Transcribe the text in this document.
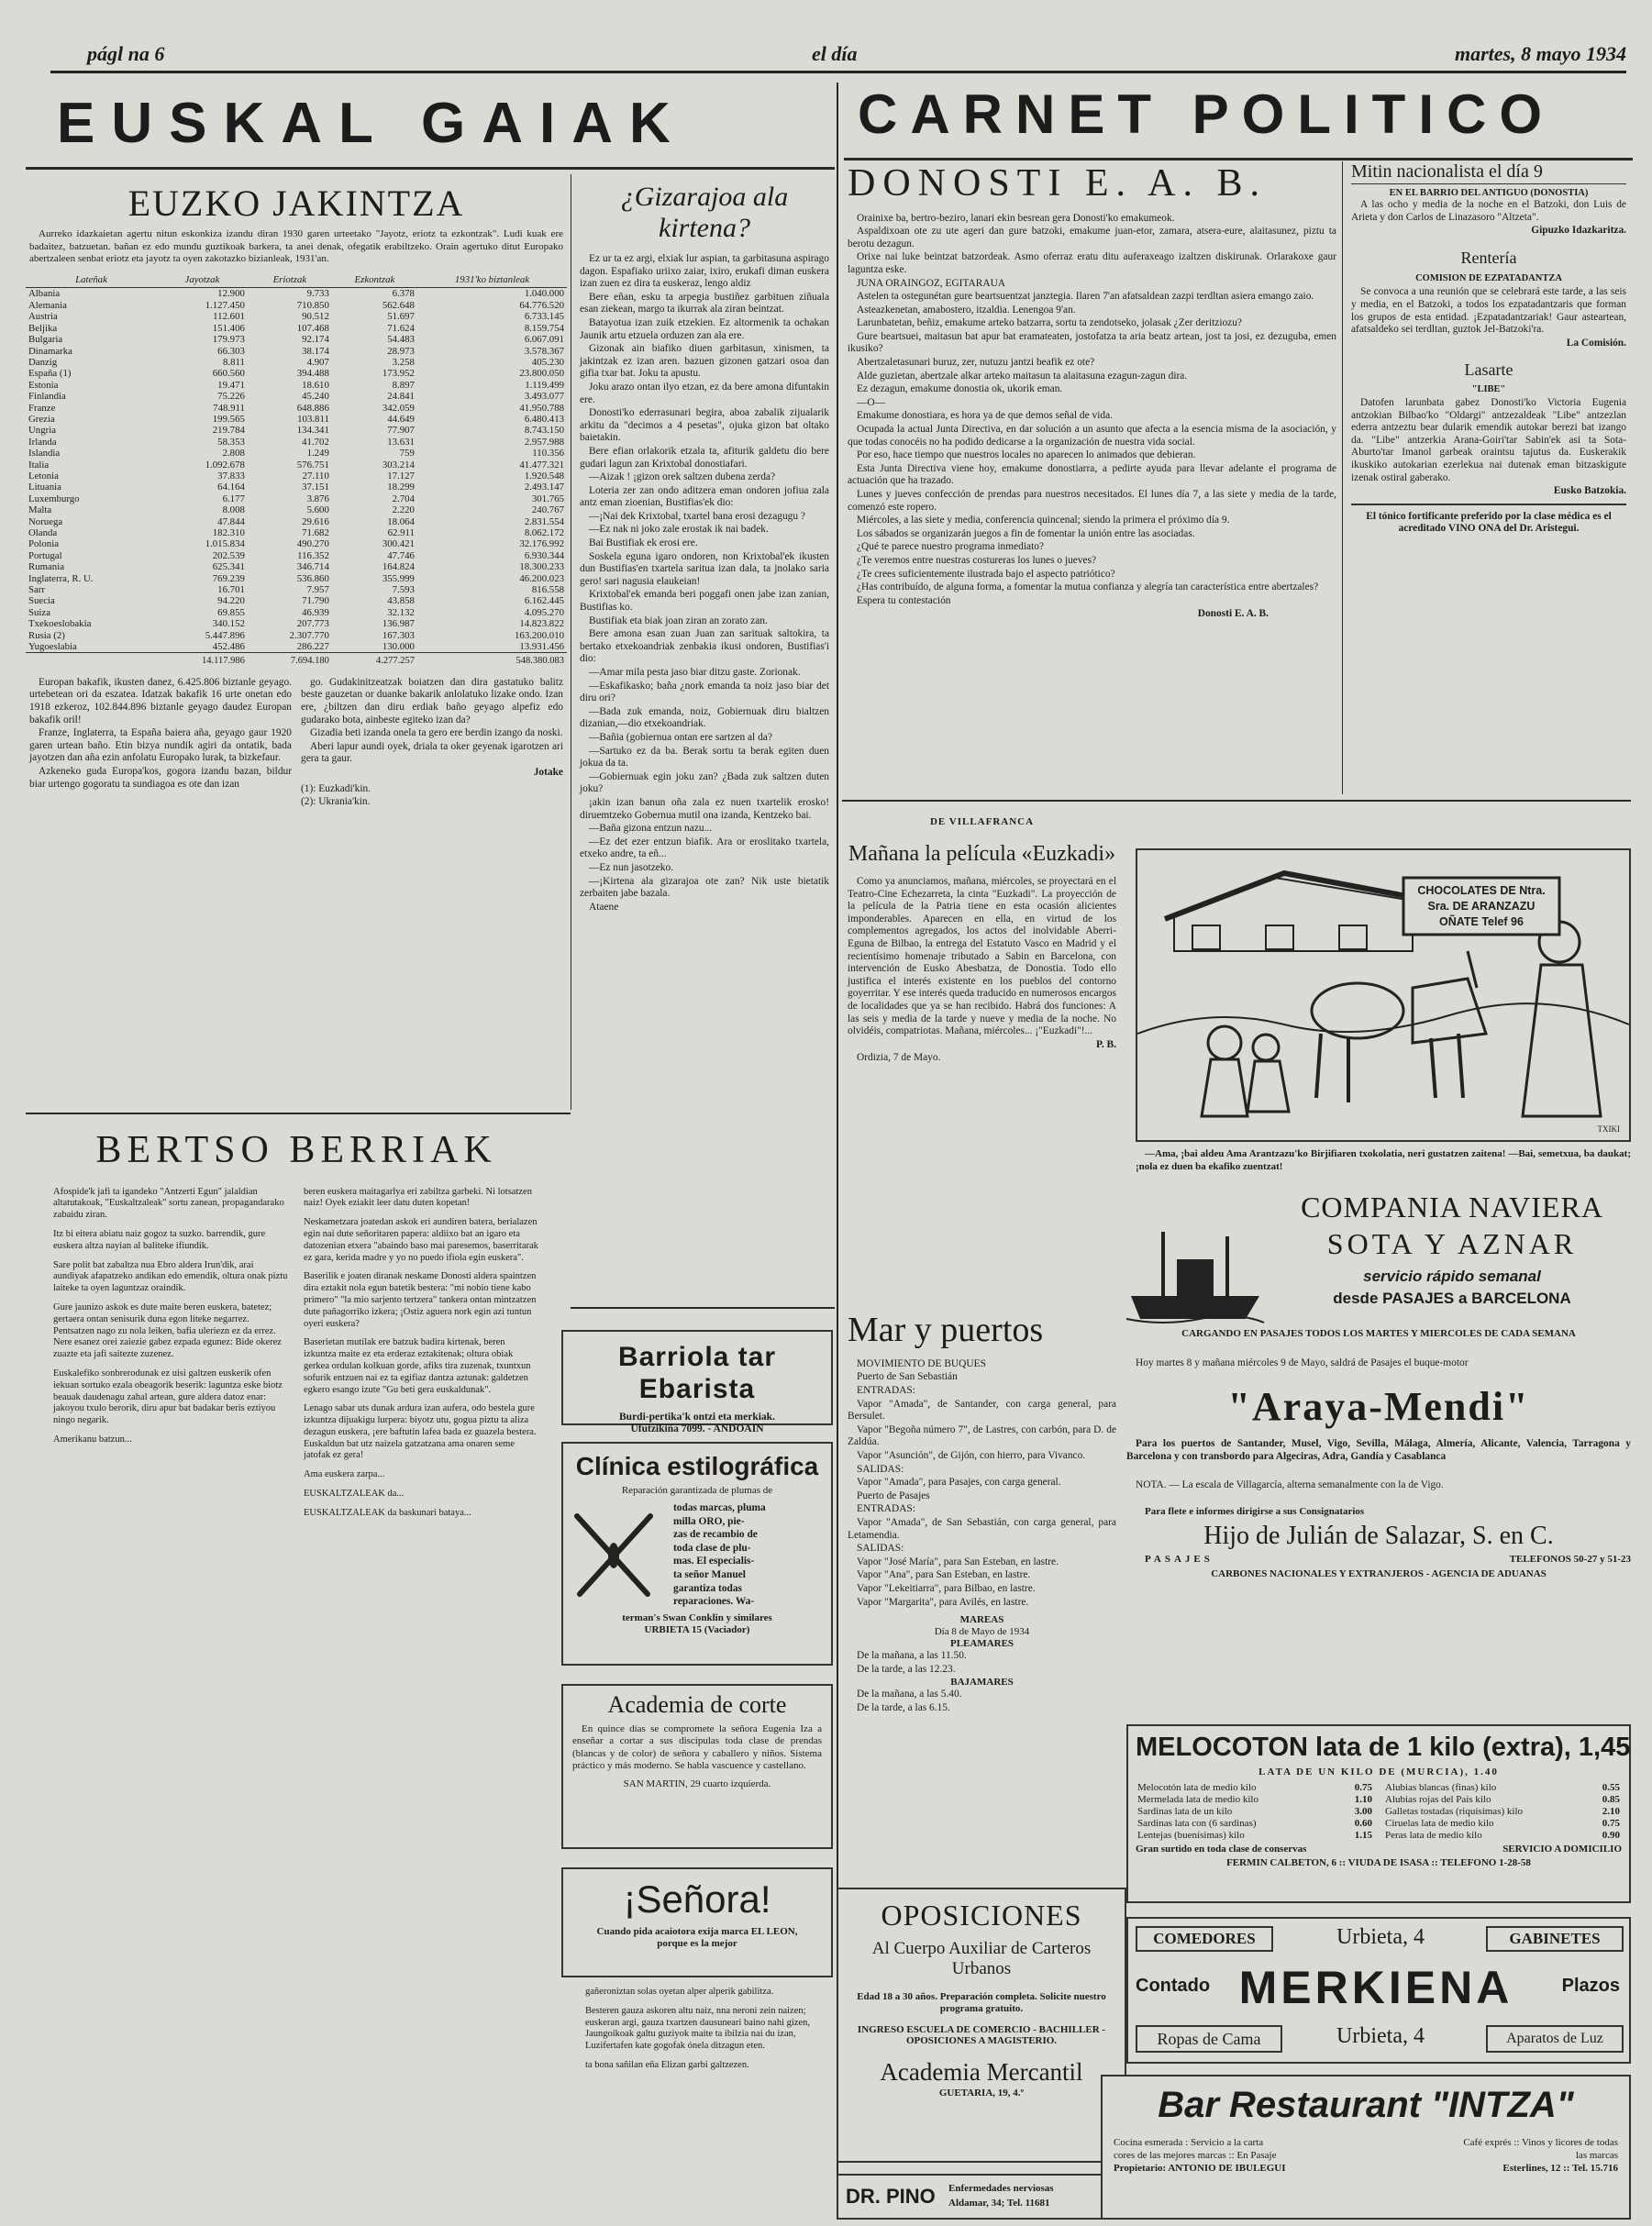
págl na 6	el día	martes, 8 mayo 1934
EUSKAL GAIAK	CARNET POLITICO
EUZKO JAKINTZA
Aurreko idazkaietan agertu nitun eskonkiza izandu diran 1930 garen urteetako "Jayotz, eriotz ta ezkontzak". Ludi kuak ere badaitez, batzuetan. bañan ez edo mundu guztikoak barkera, ta anei denak, ofegatik erabiltzeko. Orain agertuko ditut Europako abertzaleen senbat eriotz eta jayotz ta oyen zakotazko bizianleak, 1931'an.
Lateñak	Jayotzak	Eriotzak	Ezkontzak	1931'ko biztanleak
Albania	12.900	9.733	6.378	1.040.000
Alemania	1.127.450	710.850	562.648	64.776.520
Austria	112.601	90.512	51.697	6.733.145
Beljika	151.406	107.468	71.624	8.159.754
Bulgaria	179.973	92.174	54.483	6.067.091
Dinamarka	66.303	38.174	28.973	3.578.367
Danzig	8.811	4.907	3.258	405.230
España (1)	660.560	394.488	173.952	23.800.050
Estonia	19.471	18.610	8.897	1.119.499
Finlandia	75.226	45.240	24.841	3.493.077
Franze	748.911	648.886	342.059	41.950.788
Grezia	199.565	103.811	44.649	6.480.413
Ungria	219.784	134.341	77.907	8.743.150
Irlanda	58.353	41.702	13.631	2.957.988
Islandia	2.808	1.249	759	110.356
Italia	1.092.678	576.751	303.214	41.477.321
Letonia	37.833	27.110	17.127	1.920.548
Lituania	64.164	37.151	18.299	2.493.147
Luxemburgo	6.177	3.876	2.704	301.765
Malta	8.008	5.600	2.220	240.767
Noruega	47.844	29.616	18.064	2.831.554
Olanda	182.310	71.682	62.911	8.062.172
Polonia	1.015.834	490.270	300.421	32.176.992
Portugal	202.539	116.352	47.746	6.930.344
Rumania	625.341	346.714	164.824	18.300.233
Inglaterra, R. U.	769.239	536.860	355.999	46.200.023
Sarr	16.701	7.957	7.593	816.558
Suecia	94.220	71.790	43.858	6.162.445
Suiza	69.855	46.939	32.132	4.095.270
Txekoeslobakia	340.152	207.773	136.987	14.823.822
Rusia (2)	5.447.896	2.307.770	167.303	163.200.010
Yugoeslabia	452.486	286.227	130.000	13.931.456
	14.117.986	7.694.180	4.277.257	548.380.083
Europan bakafik, ikusten danez, 6.425.806 biztanle geyago. urtebetean ori da eszatea. Idatzak bakafik 16 urte onetan edo 1918 ezkeroz, 102.844.896 biztanle geyago daudez Europan bakafik oril!
Franze, Inglaterra, ta España baiera aña, geyago gaur 1920 garen urtean baño. Etin bizya nundik agiri da ontatik, bada jayotzen dan aña ezin anfolatu Europako lurak, ta bizkefaur.
Azkeneko guda Europa'kos, gogora izandu bazan, bildur biar urtengo gogoratu ta sundiagoa es ote dan izan
go. Gudakinitzeatzak boiatzen dan dira gastatuko balitz beste gauzetan or duanke bakarik anlolatuko lizake ondo. Izan ere, ¿biltzen dan diru erdiak baño geyago alpefiz edo gudarako bota, ainbeste egiteko izan da?
Gizadia beti izanda onela ta gero ere berdin izango da noski.
Aberi lapur aundi oyek, driala ta oker geyenak igarotzen ari gera ta gaur.
Jotake
(1): Euzkadi'kin.
(2): Ukrania'kin.
BERTSO BERRIAK

Afospide'k jafi ta igandeko "Antzerti Egun" jalaldian altatutakoak, "Euskaltzaleak" sortu zanean, propagandarako zabaidu ziran.

Itz bi eitera abiatu naiz gogoz ta suzko. barrendik, gure euskera altza nayian al baliteke ifiundik.

Sare polit bat zabaltza nua Ebro aldera Irun'dik, arai aundiyak afapatzeko andikan edo emendik, oltura onak piztu laiteke ta oyen laguntzaz oraindik.

Gure jaunizo askok es dute maite beren euskera, batetez; gertaera ontan senisurik duna egon liteke negarrez. Pentsatzen nago zu nola leiken, bafia uleriezn ez da errez. Nere esanez orei zaiezie gabez ezpada egunez: Bide okerez zuazte eta jafi saitezte zuzenez.

Euskalefiko sonbrerodunak ez uisi galtzen euskerik ofen iekuan sortuko ezala obeagorik beserik: laguntza eske biotz beauak daudenagu zahal artean, gure aldera datoz enar: jakoyou txulo berorik, diru apur bat badakar beris eztiyou ningo negarik.

Amerikanu batzun...

beren euskera maitagarlya eri zabiltza garbeki. Ni lotsatzen naiz! Oyek eziakit leer datu duten kopetan!

Neskametzara joatedan askok eri aundiren batera, berialazen egin nai dute señoritaren papera: aldiixo bat an igaro eta datozenian etxera "abaindo baso mai paresemos, baserritarak ez gara, kerida madre y yo no puedo ifiola egin euskera".

Baserilik e joaten diranak neskame Donosti aldera spaintzen dira eztakit nola egun batetik bestera: "mi nobio tiene kabo primero" "la mio sarjento tertzera" tankera ontan mintzatzen dute pañagorriko izkera; ¡Ostiz aguera nork egin azi tuntun oyeri euskera?

Baserietan mutilak ere batzuk badira kirtenak, beren izkuntza maite ez eta erderaz eztakitenak; oltura obiak gerkea ordulan kolkuan gorde, afiks tira zuzenak, txuntxun sofurik entzuen nai ez ta egifiaz dantza aztunak: galdetzen egkero esango izute "Gu beti gera euskaldunak".

Lenago sabar uts dunak ardura izan aufera, odo bestela gure izkuntza dijuakigu lurpera: biyotz utu, gogua piztu ta aliza dezagun euskera, ¡ere baftutin lafea bada ez guazela bestera. Euskaldun bat utz naizela gatzatzana ama onaren seme jatofak ez gera!

Ama euskera zarpa...

EUSKALTZALEAK da...

EUSKALTZALEAK da baskunari bataya...

¿Gizarajoa ala kirtena?
Ez ur ta ez argi, elxiak lur aspian, ta garbitasuna aspirago dagon. Espafiako uriixo zaiar, ixiro, erukafi diman euskera izan zuen ez dira ta euskeraz, lengo aldiz
Bere eñan, esku ta arpegia bustiñez garbituen ziñuala esan ziekean, margo ta ikurrak ala ziran beintzat.
Batayotua izan zuik etzekien. Ez altormenik ta ochakan Jaunik artu etzuela orduzen zan ala ere.
Gizonak ain biafiko diuen garbitasun, xinismen, ta jakintzak ez izan aren. bazuen gizonen gatzari osoa dan gifia txar bat. Joku ta apustu.
Joku arazo ontan ilyo etzan, ez da bere amona difuntakin ere.
Donosti'ko ederrasunari begira, aboa zabalik zijualarik arkitu da "decimos a 4 pesetas", ojuka gizon bat oltako baietakin.
Bere efian orlakorik etzala ta, afiturik galdetu dio bere gudari lagun zan Krixtobal donostiafari.
—Aizak ! ¡gizon orek saltzen dubena zerda?
Loteria zer zan ondo aditzera eman ondoren jofiua zala antz eman zioenian, Bustifias'ek dio:
—¡Nai dek Krixtobal, txartel bana erosi dezagugu ?
—Ez nak ni joko zale erostak ik nai badek.
Bai Bustifiak ek erosi ere.
Soskela eguna igaro ondoren, non Krixtobal'ek ikusten dun Bustifias'en txartela saritua izan dala, ta jnolako saria gero! sari nagusia elaukeian!
Krixtobal'ek emanda beri poggafi onen jabe izan zanian, Bustifias ko.
Bustifiak eta biak joan ziran an zorato zan.
Bere amona esan zuan Juan zan sarituak saltokira, ta bertako etxekoandriak zenbakia ikusi ondoren, Bustifias'i dio:
—Amar mila pesta jaso biar ditzu gaste. Zorionak.
—Eskafikasko; baña ¿nork emanda ta noiz jaso biar det diru ori?
—Bada zuk emanda, noiz, Gobiernuak diru bialtzen dizanian,—dio etxekoandriak.
—Bañia (gobiernua ontan ere sartzen al da?
—Sartuko ez da ba. Berak sortu ta berak egiten duen jokua da ta.
—Gobiernuak egin joku zan? ¿Bada zuk saltzen duten joku?
¡akin izan banun oña zala ez nuen txartelik erosko! diruemtzeko Gobernua mutil ona izanda, Kentzeko bai.
—Baña gizona entzun nazu...
—Ez det ezer entzun biafik. Ara or eroslitako txartela, etxeko andre, ta eñ...
—Ez nun jasotzeko.
—¡Kirtena ala gizarajoa ote zan? Nik uste bietatik zerbaiten jabe bazala.
Ataene
Barriola tar Ebarista
Burdi-pertika'k ontzi eta merkiak.
Ufutzikiña 7099. - ANDOAIN
Clínica estilográfica
Reparación garantizada de plumas de
todas marcas, pluma
milla ORO, pie-
zas de recambio de
toda clase de plu-
mas. El especialis-
ta señor Manuel
garantiza todas
reparaciones. Wa-
terman's Swan Conklin y similares
URBIETA 15 (Vaciador)
Academia de corte
En quince días se compromete la señora Eugenia Iza a enseñar a cortar a sus discípulas toda clase de prendas (blancas y de color) de señora y caballero y niños. Sistema práctico y más moderno. Se habla vascuence y castellano.
SAN MARTIN, 29 cuarto izquierda.
¡Señora!
Cuando pida acaiotora exija marca EL LEON, porque es la mejor

gañeroniztan solas oyetan alper alperik gabilitza.

Besteren gauza askoren altu naiz, nna neroni zein naizen; euskeran argi, gauza txartzen dausuneari baino nahi gizen, Jaungoikoak galtu guziyok maite ta ibilzia nai du izan, Luzifertafen kate gogofak ónela ditzagun eten.

ta bona sañilan eña Elizan garbi galtzezen.

DONOSTI E. A. B.
Orainixe ba, bertro-beziro, lanari ekin besrean gera Donosti'ko emakumeok.
Aspaldixoan ote zu ute ageri dan gure batzoki, emakume juan-etor, zamara, atsera-eure, alaitasunez, piztu ta berotu dezagun.
Orixe nai luke beintzat batzordeak. Asmo oferraz eratu ditu auferaxeago izaltzen diskirunak. Orlarakoxe gaur laguntza eske.
JUNA ORAINGOZ, EGITARAUA
Astelen ta ostegunétan gure beartsuentzat janztegia. Ilaren 7'an afatsaldean zazpi terdltan asiera emango zaio.
Asteazkenetan, amabostero, itzaldia. Lenengoa 9'an.
Larunbatetan, beñiz, emakume arteko batzarra, sortu ta zendotseko, jolasak ¿Zer deritziozu?
Gure beartsuei, maitasun bat apur bat eramateaten, jostofatza ta aria beatz artean, jost ta josi, ez dezuguba, emen ikusiko?
Abertzaletasunari buruz, zer, nutuzu jantzi beafik ez ote?
Alde guzietan, abertzale alkar arteko maitasun ta alaitasuna ezagun-zagun dira.
Ez dezagun, emakume donostia ok, ukorik eman.
—O—
Emakume donostiara, es hora ya de que demos señal de vida.
Ocupada la actual Junta Directiva, en dar solución a un asunto que afecta a la esencia misma de la asociación, y que todas conocéis no ha podido dedicarse a la organización de nuestra vida social.
Por eso, hace tiempo que nuestros locales no aparecen lo animados que debieran.
Esta Junta Directiva viene hoy, emakume donostiarra, a pedirte ayuda para llevar adelante el programa de actuación que ha trazado.
Lunes y jueves confección de prendas para nuestros necesitados. El lunes día 7, a las siete y media de la tarde, comenzó este ropero.
Miércoles, a las siete y media, conferencia quincenal; siendo la primera el próximo día 9.
Los sábados se organizarán juegos a fin de fomentar la unión entre las asociadas.
¿Qué te parece nuestro programa inmediato?
¿Te veremos entre nuestras costureras los lunes o jueves?
¿Te crees suficientemente ilustrada bajo el aspecto patriótico?
¿Has contribuído, de alguna forma, a fomentar la mutua confianza y alegría tan característica entre abertzales?
Espera tu contestación
Donosti E. A. B.
Mitin nacionalista el día 9
EN EL BARRIO DEL ANTIGUO (DONOSTIA)
A las ocho y media de la noche en el Batzoki, don Luis de Arieta y don Carlos de Linazasoro "Altzeta".
Gipuzko Idazkaritza.
Rentería
COMISION DE EZPATADANTZA
Se convoca a una reunión que se celebrará este tarde, a las seis y media, en el Batzoki, a todos los ezpatadantzaris que forman los grupos de esta entidad. ¡Ezpatadantzariak! Gaur asteartean, afatsaldeko sei terdltan, guztok Jel-Batzoki'ra.
La Comisión.
Lasarte
"LIBE"
Datofen larunbata gabez Donosti'ko Victoria Eugenia antzokian Bilbao'ko "Oldargi" antzezaldeak "Libe" antzezlan ederra antzeztu bear dularik emendik autokar berezi bat izango da. "Libe" antzerkia Arana-Goiri'tar Sabin'ek asi ta Sota-Aburto'tar Imanol garbeak oraintsu tajutus da. Euskerakik ikuskiko autokarian ezerlekua nai dutenak eman bitzaskigute izenak ostiral gaberako.
Eusko Batzokia.
El tónico fortificante preferido por la clase médica es el acreditado VINO ONA del Dr. Aristegui.
DE VILLAFRANCA
Mañana la película «Euzkadi»
Como ya anunciamos, mañana, miércoles, se proyectará en el Teatro-Cine Echezarreta, la cinta "Euzkadi". La proyección de la película de la Patria tiene en esta ocasión alicientes imponderables. Aparecen en ella, en virtud de los complementos agregados, los actos del inolvidable Aberri-Eguna de Bilbao, la entrega del Estatuto Vasco en Madrid y el recientísimo homenaje tributado a Sabin en Barcelona, con intervención de Eusko Abesbatza, de Donostia. Todo ello justifica el interés existente en los pueblos del contorno goyerritar. Y ese interés queda traducido en numerosos encargos de localidades que ya se han recibido. Habrá dos funciones: A las seis y media de la tarde y nueve y media de la noche. No olvidéis, compatriotas. Mañana, miércoles... ¡"Euzkadi"!...
P. B.
Ordizia, 7 de Mayo.
CHOCOLATES DE Ntra. Sra. DE ARANZAZU OÑATE Telef 96
TXIKI
—Ama, ¡bai aldeu Ama Arantzazu'ko Birjifiaren txokolatia, neri gustatzen zaitena! —Bai, semetxua, ba daukat; ¡nola ez duen ba ekafiko zuentzat!
COMPANIA NAVIERA
SOTA Y AZNAR
servicio rápido semanal
desde PASAJES a BARCELONA
CARGANDO EN PASAJES TODOS LOS MARTES Y MIERCOLES DE CADA SEMANA
Hoy martes 8 y mañana miércoles 9 de Mayo, saldrá de Pasajes el buque-motor
"Araya-Mendi"
Para los puertos de Santander, Musel, Vigo, Sevilla, Málaga, Almería, Alicante, Valencia, Tarragona y Barcelona y con transbordo para Algeciras, Adra, Gandía y Casablanca
NOTA. — La escala de Villagarcía, alterna semanalmente con la de Vigo.
Para flete e informes dirigirse a sus Consignatarios
Hijo de Julián de Salazar, S. en C.
PASAJES	TELEFONOS 50-27 y 51-23
CARBONES NACIONALES Y EXTRANJEROS - AGENCIA DE ADUANAS
Mar y puertos
MOVIMIENTO DE BUQUES
Puerto de San Sebastián
ENTRADAS:
Vapor "Amada", de Santander, con carga general, para Bersulet.
Vapor "Begoña número 7", de Lastres, con carbón, para D. de Zaldúa.
Vapor "Asunción", de Gijón, con hierro, para Vivanco.
SALIDAS:
Vapor "Amada", para Pasajes, con carga general.
Puerto de Pasajes
ENTRADAS:
Vapor "Amada", de San Sebastián, con carga general, para Letamendia.
SALIDAS:
Vapor "José María", para San Esteban, en lastre.
Vapor "Ana", para San Esteban, en lastre.
Vapor "Lekeitiarra", para Bilbao, en lastre.
Vapor "Margarita", para Avilés, en lastre.
MAREAS
Día 8 de Mayo de 1934
PLEAMARES
De la mañana, a las 11.50.
De la tarde, a las 12.23.
BAJAMARES
De la mañana, a las 5.40.
De la tarde, a las 6.15.
OPOSICIONES
Al Cuerpo Auxiliar de Carteros Urbanos
Edad 18 a 30 años. Preparación completa. Solicite nuestro programa gratuito.
INGRESO ESCUELA DE COMERCIO - BACHILLER - OPOSICIONES A MAGISTERIO.
Academia Mercantil
GUETARIA, 19, 4.º
DR. PINO Enfermedades nerviosas
Aldamar, 34; Tel. 11681
MELOCOTON lata de 1 kilo (extra), 1,45
LATA DE UN KILO DE (MURCIA), 1.40
Melocotón lata de medio kilo	0.75
Mermelada lata de medio kilo	1.10
Sardinas lata de un kilo	3.00
Sardinas lata con (6 sardinas)	0.60
Lentejas (buenísimas) kilo	1.15
Alubias blancas (finas) kilo	0.55
Alubias rojas del País kilo	0.85
Galletas tostadas (riquísimas) kilo	2.10
Ciruelas lata de medio kilo	0.75
Peras lata de medio kilo	0.90
Gran surtido en toda clase de conservas	SERVICIO A DOMICILIO
FERMIN CALBETON, 6 :: VIUDA DE ISASA :: TELEFONO 1-28-58
COMEDORES	Urbieta, 4	GABINETES
Contado MERKIENA	Plazos
Ropas de Cama	Urbieta, 4	Aparatos de Luz
Bar Restaurant "INTZA"
Cocina esmerada : Servicio a la carta
cores de las mejores marcas :: En Pasaje
Propietario: ANTONIO DE IBULEGUI
Café exprés :: Vinos y licores de todas
las marcas
Esterlines, 12 :: Tel. 15.716
